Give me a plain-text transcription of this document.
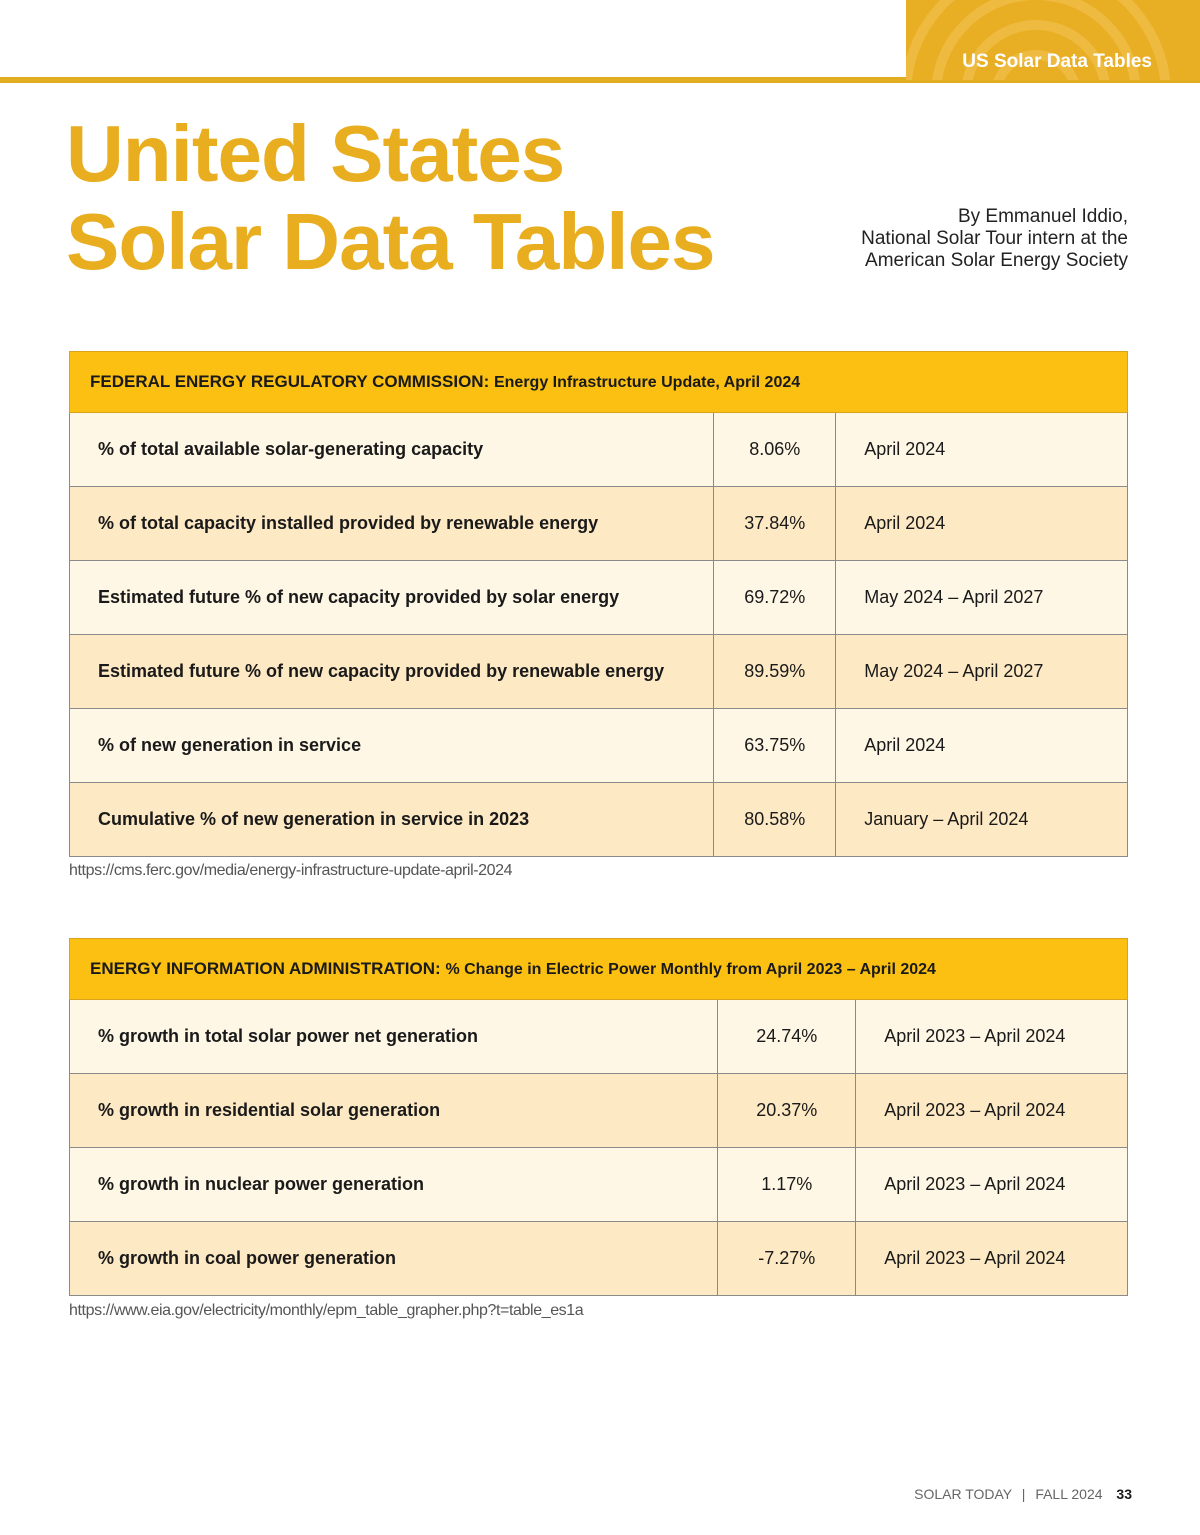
US Solar Data Tables
United States
Solar Data Tables	By Emmanuel Iddio,
National Solar Tour intern at the
American Solar Energy Society
FEDERAL ENERGY REGULATORY COMMISSION: Energy Infrastructure Update, April 2024		
% of total available solar-generating capacity	8.06%	April 2024
% of total capacity installed provided by renewable energy	37.84%	April 2024
Estimated future % of new capacity provided by solar energy	69.72%	May 2024 – April 2027
Estimated future % of new capacity provided by renewable energy	89.59%	May 2024 – April 2027
% of new generation in service	63.75%	April 2024
Cumulative % of new generation in service in 2023	80.58%	January – April 2024
https://cms.ferc.gov/media/energy-infrastructure-update-april-2024
ENERGY INFORMATION ADMINISTRATION: % Change in Electric Power Monthly from April 2023 – April 2024		
% growth in total solar power net generation	24.74%	April 2023 – April 2024
% growth in residential solar generation	20.37%	April 2023 – April 2024
% growth in nuclear power generation	1.17%	April 2023 – April 2024
% growth in coal power generation	-7.27%	April 2023 – April 2024
https://www.eia.gov/electricity/monthly/epm_table_grapher.php?t=table_es1a
SOLAR TODAY | FALL 2024 33
